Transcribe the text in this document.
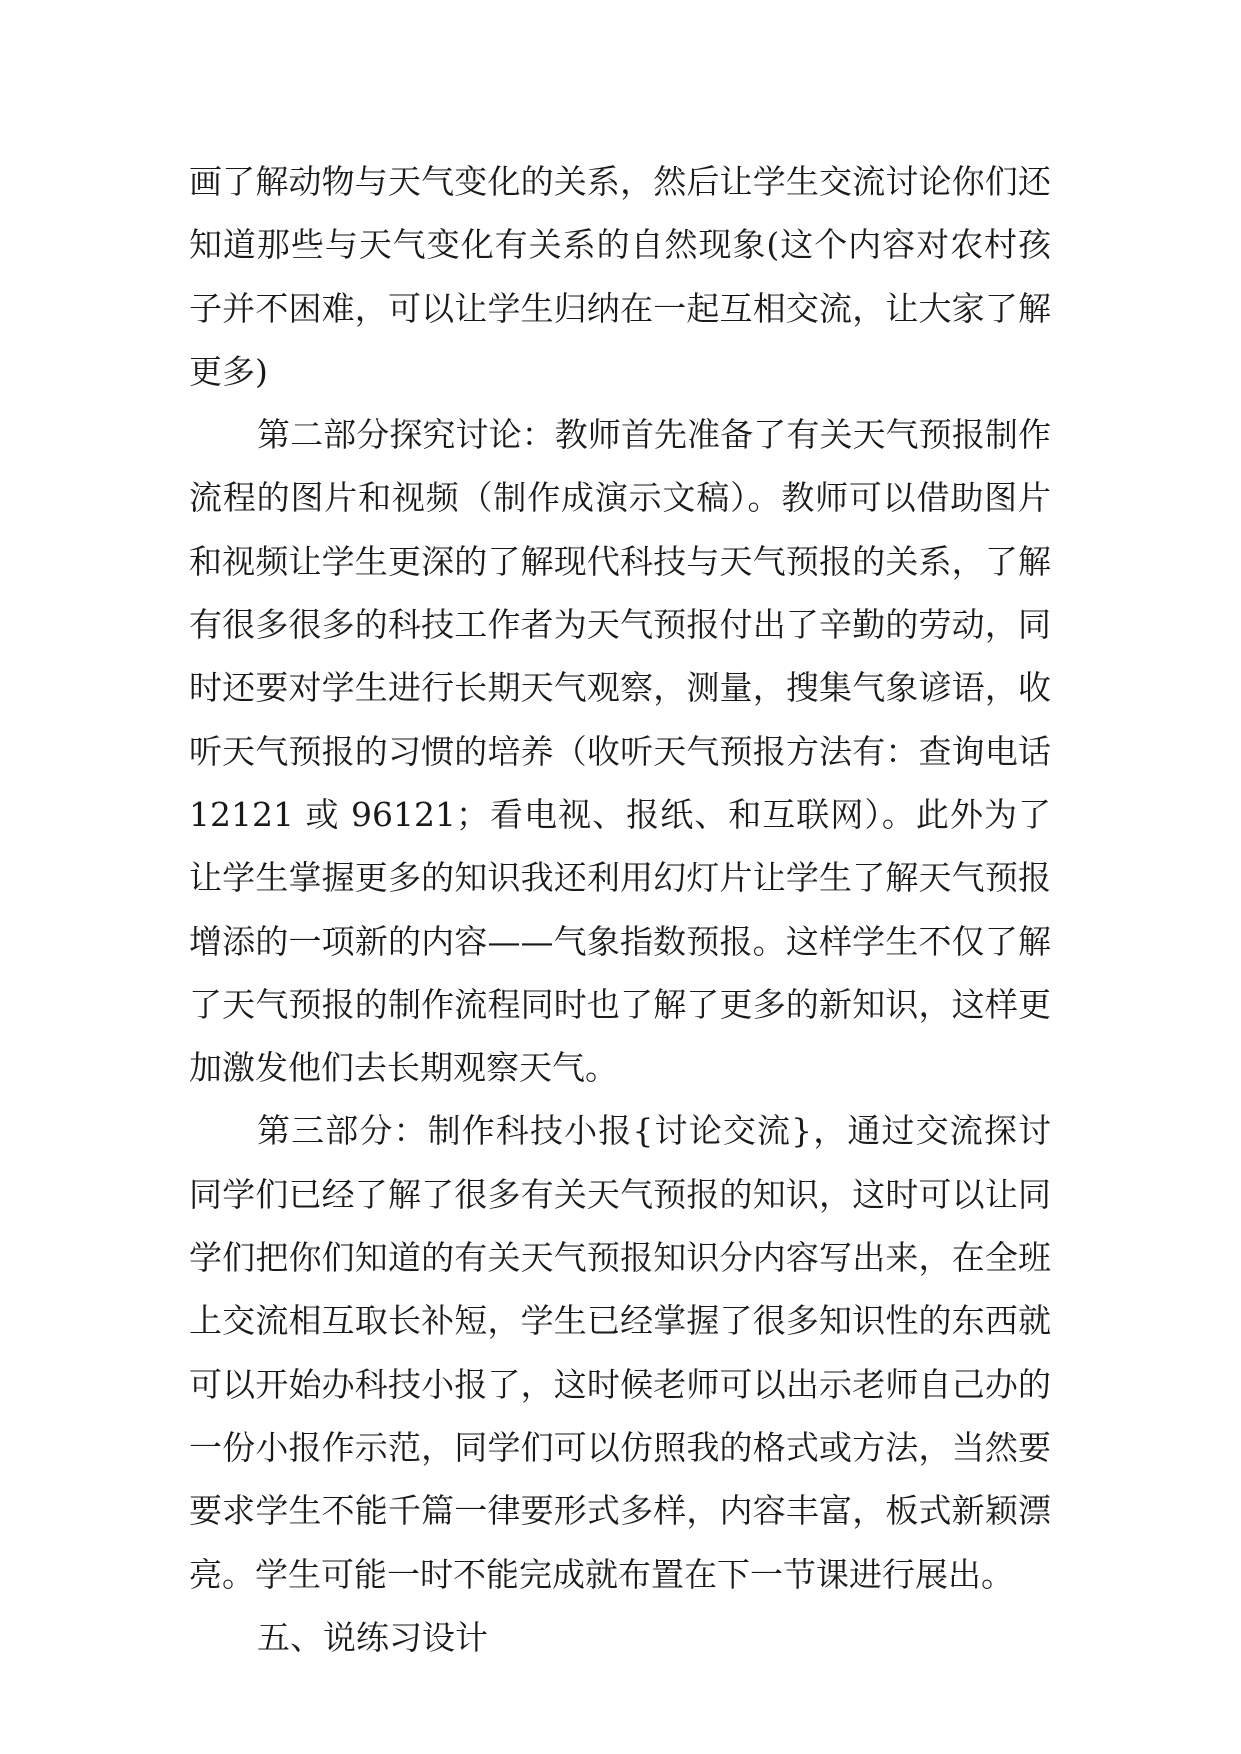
画了解动物与天气变化的关系，然后让学生交流讨论你们还知道那些与天气变化有关系的自然现象(这个内容对农村孩子并不困难，可以让学生归纳在一起互相交流，让大家了解更多)

第二部分探究讨论：教师首先准备了有关天气预报制作流程的图片和视频（制作成演示文稿）。教师可以借助图片和视频让学生更深的了解现代科技与天气预报的关系，了解有很多很多的科技工作者为天气预报付出了辛勤的劳动，同时还要对学生进行长期天气观察，测量，搜集气象谚语，收听天气预报的习惯的培养（收听天气预报方法有：查询电话12121 或 96121；看电视、报纸、和互联网）。此外为了让学生掌握更多的知识我还利用幻灯片让学生了解天气预报增添的一项新的内容——气象指数预报。这样学生不仅了解了天气预报的制作流程同时也了解了更多的新知识，这样更加激发他们去长期观察天气。

第三部分：制作科技小报{讨论交流}，通过交流探讨同学们已经了解了很多有关天气预报的知识，这时可以让同学们把你们知道的有关天气预报知识分内容写出来，在全班上交流相互取长补短，学生已经掌握了很多知识性的东西就可以开始办科技小报了，这时候老师可以出示老师自己办的一份小报作示范，同学们可以仿照我的格式或方法，当然要要求学生不能千篇一律要形式多样，内容丰富，板式新颖漂亮。学生可能一时不能完成就布置在下一节课进行展出。

五、说练习设计
